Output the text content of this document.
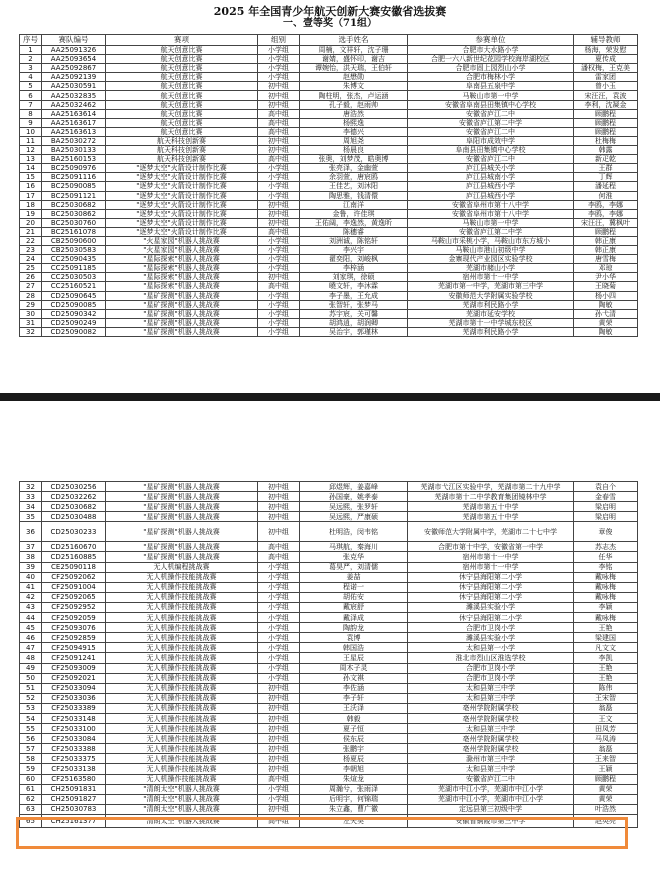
2025 年全国青少年航天创新大赛安徽省选拔赛
一、壹等奖（71组）
序号	赛队编号	赛项	组别	选手姓名	参赛单位	辅导教师
1	AA25091326	航天创意比赛	小学组	周楠，文祥轩，沈子珊	合肥市大水路小学	杨海，荣发慰
2	AA25093654	航天创意比赛	小学组	谢婧，盛怀印，谢吉	合肥一六八新世纪花园学校海岸湖校区	夏传成
3	AA25092867	航天创意比赛	小学组	谭婉怡，洪天瑞，王伯轩	合肥市固上园烈山小学	潘权梅，王克美
4	AA25092139	航天创意比赛	小学组	赵懋勋	合肥市梅林小学	雷家团
5	AA25030591	航天创意比赛	初中组	朱博文	阜南县五泉中学	曾小玉
6	AA25032835	航天创意比赛	初中组	陶柱明，张杰，卢运涵	马鞍山市第一中学	宋汪汪，袁波
7	AA25032462	航天创意比赛	初中组	孔子毅，赵雨帅	安徽省阜南县田集镇中心学校	李利，沈凝金
8	AA25163614	航天创意比赛	高中组	唐浩然	安徽省庐江二中	顾鹏程
9	AA25163617	航天创意比赛	高中组	杨熙逸	安徽省庐江第二中学	顾鹏程
10	AA25163613	航天创意比赛	高中组	李德兴	安徽省庐江二中	顾鹏程
11	BA25030272	航天科技创新赛	初中组	周旭尧	阜阳市成效中学	杜梅梅
12	BA25030133	航天科技创新赛	初中组	杨晨良	阜南县田集镇中心学校	韩露
13	BA25160153	航天科技创新赛	高中组	张奥，刘梦茂，皓奥博	安徽省庐江二中	新疋乾
14	BC25090976	"逐梦太空"火箭设计制作比赛	小学组	张亮泽，金幽萱	庐江县城关小学	王群
15	BC25091116	"逐梦太空"火箭设计制作比赛	小学组	余羽萱，唐宸鸥	庐江县城南小学	丁辉
16	BC25090085	"逐梦太空"火箭设计制作比赛	小学组	王佳艺，刘沐阳	庐江县城西小学	潘延程
17	BC25091121	"逐梦太空"火箭设计制作比赛	小学组	陶思雅，钱清儇	庐江县城西小学	何淮
18	BC25030682	"逐梦太空"火箭设计制作比赛	初中组	江南洋	安徽省阜州市第十八中学	李鸥，李娜
19	BC25030862	"逐梦太空"火箭设计制作比赛	初中组	金鲁，许佳琪	安徽省阜州市第十八中学	李鸥，李娜
20	BC25030760	"逐梦太空"火箭设计制作比赛	初中组	王佑阔，李逸然，黄逸昕	马鞍山市第一中学	宋汪汪，冀枫叶
21	BC25161078	"逐梦太空"火箭设计制作比赛	高中组	陈穗睿	安徽省庐江第二中学	顾鹏程
22	CB25090600	"火星家园"机器人挑战赛	小学组	刘洲诚，陈铭轩	马鞍山市采桃小学，马鞍山市东方城小	韩正康
23	CB25030583	"火星家园"机器人挑战赛	小学组	李兴宇	马鞍山市港山初级中学	韩正康
24	CC25090435	"星际探索"机器人挑战赛	小学组	翟奕阳，刘峻枫	金寨现代产业园区实验学校	唐雪梅
25	CC25091185	"星际探索"机器人挑战赛	小学组	李梓涵	芜湖市赭山小学	邓琼
26	CC25030503	"星际探索"机器人挑战赛	初中组	刘家琪，徐硕	宿州市第十一中学	尹小华
27	CC25160521	"星际探索"机器人挑战赛	高中组	曉文轩，李沐霖	芜湖市第一中学，芜湖市第三中学	王晓菊
28	CD25090645	"星矿探测"机器人挑战赛	小学组	李子墨，王允成	安徽师范大学附属实验学校	杨小四
29	CD25090085	"星矿探测"机器人挑战赛	小学组	张智轩，张梦马	芜湖市利民路小学	陶敏
30	CD25090342	"星矿探测"机器人挑战赛	小学组	苏宇宸，关可馨	芜湖市延安学校	孙弋清
31	CD25090249	"星矿探测"机器人挑战赛	小学组	胡鸿逍，胡润卿	芜湖市第十一中学城东校区	黄荣
32	CD25090082	"星矿探测"机器人挑战赛	小学组	吴治宇，郭瑾林	芜湖市利民路小学	陶敏
32	CD25030256	"星矿探测"机器人挑战赛	初中组	邱煜辉，姜嘉峰	芜湖市弋江区实验中学，芜湖市第二十九中学	袁自个
33	CD25032262	"星矿探测"机器人挑战赛	初中组	孙国豪，姚孝泰	芜湖市第十二中学教育集团镜林中学	金春雪
34	CD25030682	"星矿探测"机器人挑战赛	初中组	吴远熙，张罗轩	芜湖市第五十中学	梁启明
35	CD25030488	"星矿探测"机器人挑战赛	初中组	吴远熙，严康硕	芜湖市第五十中学	梁启明
36	CD25030233	"星矿探测"机器人挑战赛	初中组	杜明浩，闵韦铭	安徽师范大学附属中学，芜湖市二十七中学	章俊
37	CD25160670	"星矿探测"机器人挑战赛	高中组	马琪航，秦海川	合肥市第十中学，安徽省第一中学	苏志杰
38	CD25160885	"星矿探测"机器人挑战赛	高中组	张克华	宿州市第十一中学	任华
39	CE25090118	无人机编程挑战赛	小学组	葛昊严，刘清儒	宿州市第十一中学	李铭
40	CF25092062	无人机操作技能挑战赛	小学组	姜喆	休宁县海阳第二小学	戴咏梅
41	CF25091004	无人机操作技能挑战赛	小学组	程诺一	休宁县海阳第二小学	戴咏梅
42	CF25092065	无人机操作技能挑战赛	小学组	胡佑安	休宁县海阳第二小学	戴咏梅
43	CF25092952	无人机操作技能挑战赛	小学组	戴宸舒	濉溪县实验小学	李颖
44	CF25092059	无人机操作技能挑战赛	小学组	戴泽成	休宁县海阳第二小学	戴咏梅
45	CF25093076	无人机操作技能挑战赛	小学组	陶韵龙	合肥市卫岗小学	王艳
46	CF25092859	无人机操作技能挑战赛	小学组	袁博	濉溪县实验小学	梁建国
47	CF25094915	无人机操作技能挑战赛	小学组	韩国浩	太和县第一小学	凡文文
48	CF25091241	无人机操作技能挑战赛	小学组	王星辰	淮北市烈山区淮选学校	李凯
49	CF25093009	无人机操作技能挑战赛	小学组	周木子灵	合肥市卫岗小学	王艳
50	CF25092021	无人机操作技能挑战赛	小学组	孙文祺	合肥市卫岗小学	王艳
51	CF25033094	无人机操作技能挑战赛	初中组	李佐涵	太和县第三中学	陈伟
52	CF25033036	无人机操作技能挑战赛	初中组	李子轩	太和县第三中学	王宋智
53	CF25033389	无人机操作技能挑战赛	初中组	王沃泽	亳州学院附属学校	翁磊
54	CF25033148	无人机操作技能挑战赛	初中组	韩毅	亳州学院附属学校	王文
55	CF25033100	无人机操作技能挑战赛	初中组	夏子恒	太和县第三中学	田凤芳
56	CF25033084	无人机操作技能挑战赛	初中组	侯东辰	亳州学院附属学校	马凤涛
57	CF25033388	无人机操作技能挑战赛	初中组	张鹏宇	亳州学院附属学校	翁磊
58	CF25033375	无人机操作技能挑战赛	初中组	杨夏辰	滁州市第三中学	王来智
59	CF25033138	无人机操作技能挑战赛	初中组	李朝旭	太和县第三中学	王颖
60	CF25163580	无人机操作技能挑战赛	高中组	朱煊龙	安徽省庐江二中	顾鹏程
61	CH25091831	"清朗太空"机器人挑战赛	小学组	周瀚兮，张雨泽	芜湖市中江小学，芜湖市中江小学	黄荣
62	CH25091827	"清朗太空"机器人挑战赛	小学组	后明宇，何锦瑞	芜湖市中江小学，芜湖市中江小学	黄荣
63	CH25030783	"清朗太空"机器人挑战赛	初中组	朱立鑫，曹广徽	定远县第三初级中学	叶浩然
65	CH25161377	"清朗太空"机器人挑战赛	高中组	左天昊	安徽省铜陵市第三中学	赵英亮
